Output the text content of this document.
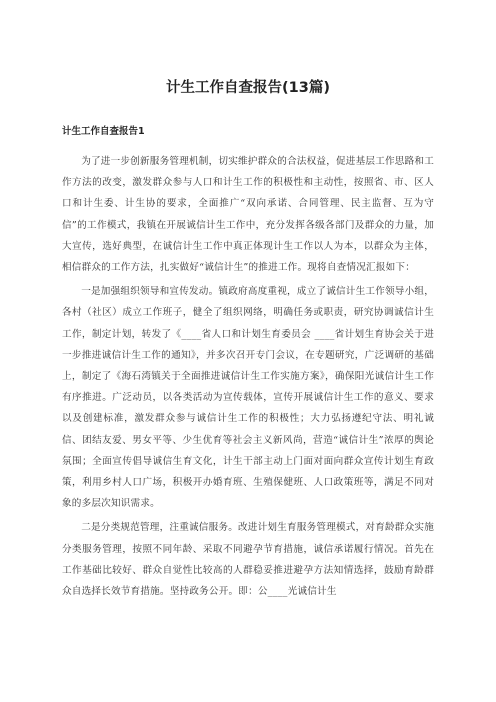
计生工作自查报告(13篇)
计生工作自查报告1

为了进一步创新服务管理机制，切实维护群众的合法权益，促进基层工作思路和工作方法的改变，激发群众参与人口和计生工作的积极性和主动性，按照省、市、区人口和计生委、计生协的要求，全面推广“双向承诺、合同管理、民主监督、互为守信”的工作模式，我镇在开展诚信计生工作中，充分发挥各级各部门及群众的力量，加大宣传，选好典型，在诚信计生工作中真正体现计生工作以人为本，以群众为主体，相信群众的工作方法，扎实做好“诚信计生”的推进工作。现将自查情况汇报如下：

一是加强组织领导和宣传发动。镇政府高度重视，成立了诚信计生工作领导小组，各村（社区）成立工作班子，健全了组织网络，明确任务或职责，研究协调诚信计生工作，制定计划，转发了《____省人口和计划生育委员会 ____省计划生育协会关于进一步推进诚信计生工作的通知》，并多次召开专门会议，在专题研究，广泛调研的基础上，制定了《海石湾镇关于全面推进诚信计生工作实施方案》，确保阳光诚信计生工作有序推进。广泛动员，以各类活动为宣传载体，宣传开展诚信计生工作的意义、要求以及创建标准，激发群众参与诚信计生工作的积极性；大力弘扬遵纪守法、明礼诚信、团结友爱、男女平等、少生优育等社会主义新风尚，营造“诚信计生”浓厚的舆论氛围；全面宣传倡导诚信生育文化，计生干部主动上门面对面向群众宣传计划生育政策，利用乡村人口广场，积极开办婚育班、生殖保健班、人口政策班等，满足不同对象的多层次知识需求。

二是分类规范管理，注重诚信服务。改进计划生育服务管理模式，对育龄群众实施分类服务管理，按照不同年龄、采取不同避孕节育措施，诚信承诺履行情况。首先在工作基础比较好、群众自觉性比较高的人群稳妥推进避孕方法知情选择，鼓励育龄群众自选择长效节育措施。坚持政务公开。即：公____光诚信计生
